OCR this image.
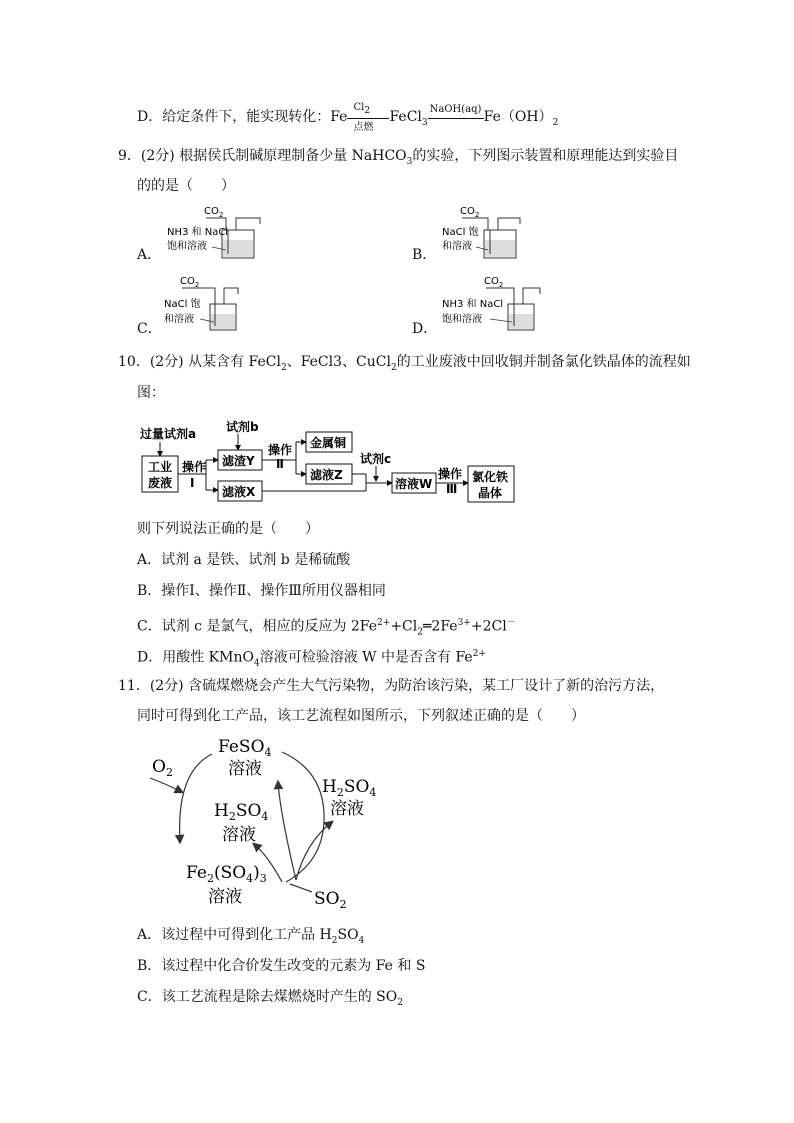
D．给定条件下，能实现转化：Fe
$Cl_2$
点燃
FeCl$_3$
NaOH(aq) $Fe(OH)_2$
9．(2分) 根据侯氏制碱原理制备少量 NaHCO$_3$的实验，下列图示装置和原理能达到实验目
的的是（　　）
A．
$CO_2$
NH3 和 NaCl
饱和溶液
B．
$CO_2$
NaCl 饱
和溶液
C．
$CO_2$
NaCl 饱
和溶液
D．
$CO_2$
NH3 和 NaCl
饱和溶液
10．(2分) 从某含有 FeCl$_2$、FeCl3、CuCl$_2$的工业废液中回收铜并制备氯化铁晶体的流程如
图：
过量试剂a 试剂b
试剂c
工业
废液
操作
Ⅰ
滤渣Y
滤液X
操作
Ⅱ
金属铜
滤液Z
溶液W
操作
Ⅲ
氯化铁
晶体
则下列说法正确的是（　　）
A．试剂 a 是铁、试剂 b 是稀硫酸
B．操作Ⅰ、操作Ⅱ、操作Ⅲ所用仪器相同
C．试剂 c 是氯气，相应的反应为 $2Fe^{2+}+Cl_2═2Fe^{3+}+2Cl^-$
D．用酸性 KMnO$_4$溶液可检验溶液 W 中是否含有 $Fe^{2+}$
11．(2分) 含硫煤燃烧会产生大气污染物，为防治该污染，某工厂设计了新的治污方法，
同时可得到化工产品，该工艺流程如图所示，下列叙述正确的是（　　）
$O_2$
FeSO$_4$
溶液
$H_2SO_4$
溶液
$H_2SO_4$
溶液
$Fe_2(SO_4)_3$
溶液	$SO_2$
A．该过程中可得到化工产品 $H_2SO_4$
B．该过程中化合价发生改变的元素为 Fe 和 S
C．该工艺流程是除去煤燃烧时产生的 $SO_2$
